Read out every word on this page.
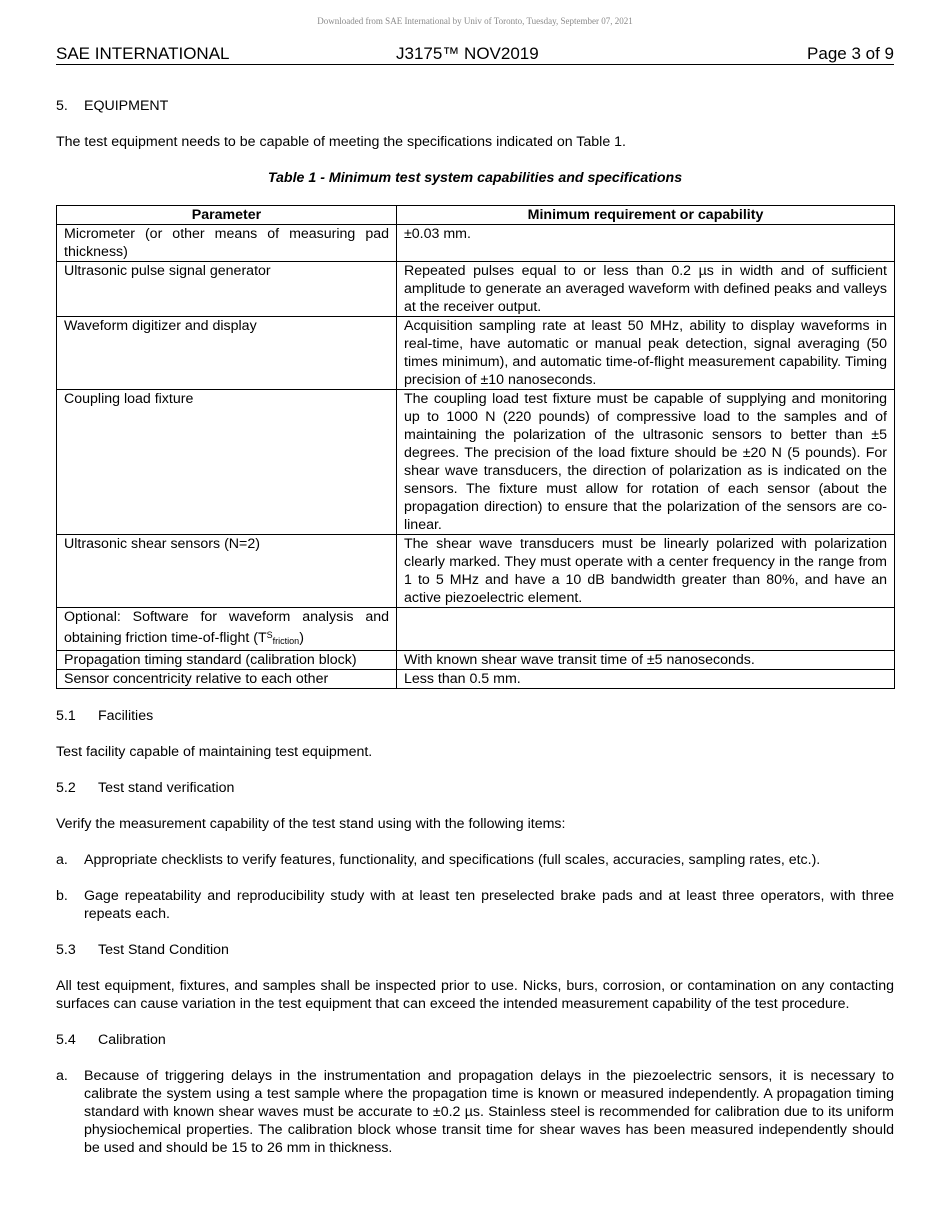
Downloaded from SAE International by Univ of Toronto, Tuesday, September 07, 2021
SAE INTERNATIONAL	J3175™ NOV2019	Page 3 of 9
5. EQUIPMENT

The test equipment needs to be capable of meeting the specifications indicated on Table 1.

Table 1 - Minimum test system capabilities and specifications
Parameter	Minimum requirement or capability
Micrometer (or other means of measuring pad thickness)	±0.03 mm.
Ultrasonic pulse signal generator	Repeated pulses equal to or less than 0.2 µs in width and of sufficient amplitude to generate an averaged waveform with defined peaks and valleys at the receiver output.
Waveform digitizer and display	Acquisition sampling rate at least 50 MHz, ability to display waveforms in real-time, have automatic or manual peak detection, signal averaging (50 times minimum), and automatic time-of-flight measurement capability. Timing precision of ±10 nanoseconds.
Coupling load fixture	The coupling load test fixture must be capable of supplying and monitoring up to 1000 N (220 pounds) of compressive load to the samples and of maintaining the polarization of the ultrasonic sensors to better than ±5 degrees. The precision of the load fixture should be ±20 N (5 pounds). For shear wave transducers, the direction of polarization as is indicated on the sensors. The fixture must allow for rotation of each sensor (about the propagation direction) to ensure that the polarization of the sensors are co-linear.
Ultrasonic shear sensors (N=2)	The shear wave transducers must be linearly polarized with polarization clearly marked. They must operate with a center frequency in the range from 1 to 5 MHz and have a 10 dB bandwidth greater than 80%, and have an active piezoelectric element.
Optional: Software for waveform analysis and obtaining friction time-of-flight $(T^S_{friction})$	
Propagation timing standard (calibration block)	With known shear wave transit time of ±5 nanoseconds.
Sensor concentricity relative to each other	Less than 0.5 mm.
5.1 Facilities

Test facility capable of maintaining test equipment.

5.2 Test stand verification

Verify the measurement capability of the test stand using with the following items:

a. Appropriate checklists to verify features, functionality, and specifications (full scales, accuracies, sampling rates, etc.).
b. Gage repeatability and reproducibility study with at least ten preselected brake pads and at least three operators, with three repeats each.
5.3 Test Stand Condition

All test equipment, fixtures, and samples shall be inspected prior to use. Nicks, burs, corrosion, or contamination on any contacting surfaces can cause variation in the test equipment that can exceed the intended measurement capability of the test procedure.

5.4 Calibration
a. Because of triggering delays in the instrumentation and propagation delays in the piezoelectric sensors, it is necessary to calibrate the system using a test sample where the propagation time is known or measured independently. A propagation timing standard with known shear waves must be accurate to ±0.2 µs. Stainless steel is recommended for calibration due to its uniform physiochemical properties. The calibration block whose transit time for shear waves has been measured independently should be used and should be 15 to 26 mm in thickness.
